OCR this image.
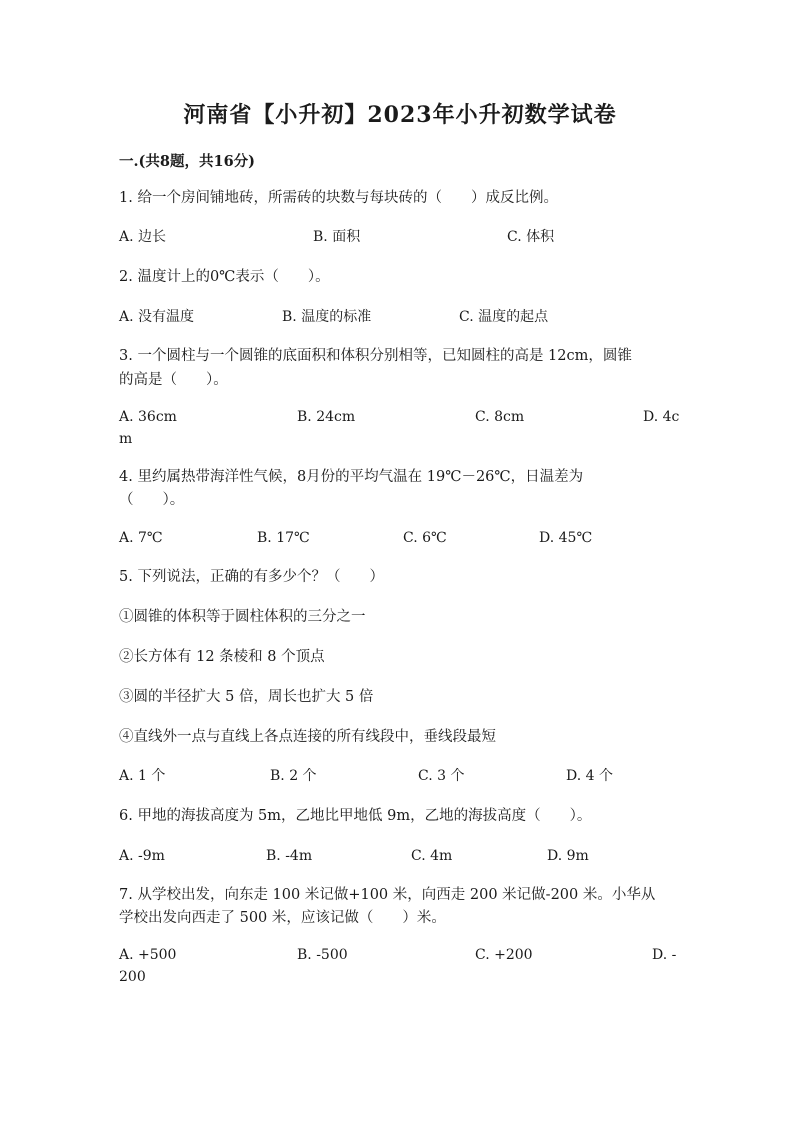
河南省【小升初】2023年小升初数学试卷
一.(共8题，共16分)
1. 给一个房间铺地砖，所需砖的块数与每块砖的（　　）成反比例。
A. 边长	B. 面积	C. 体积
2. 温度计上的0℃表示（　　）。
A. 没有温度	B. 温度的标准	C. 温度的起点
3. 一个圆柱与一个圆锥的底面积和体积分别相等，已知圆柱的高是 12cm，圆锥
的高是（　　）。
A. 36cm	B. 24cm	C. 8cm	D. 4c
m
4. 里约属热带海洋性气候，8月份的平均气温在 19℃－26℃，日温差为
（　　）。
A. 7℃	B. 17℃	C. 6℃	D. 45℃
5. 下列说法，正确的有多少个？（　　）
①圆锥的体积等于圆柱体积的三分之一
②长方体有 12 条棱和 8 个顶点
③圆的半径扩大 5 倍，周长也扩大 5 倍
④直线外一点与直线上各点连接的所有线段中，垂线段最短
A. 1 个	B. 2 个	C. 3 个	D. 4 个
6. 甲地的海拔高度为 5m，乙地比甲地低 9m，乙地的海拔高度（　　）。
A. -9m	B. -4m	C. 4m	D. 9m
7. 从学校出发，向东走 100 米记做+100 米，向西走 200 米记做-200 米。小华从
学校出发向西走了 500 米，应该记做（　　）米。
A. +500	B. -500	C. +200	D. -
200
